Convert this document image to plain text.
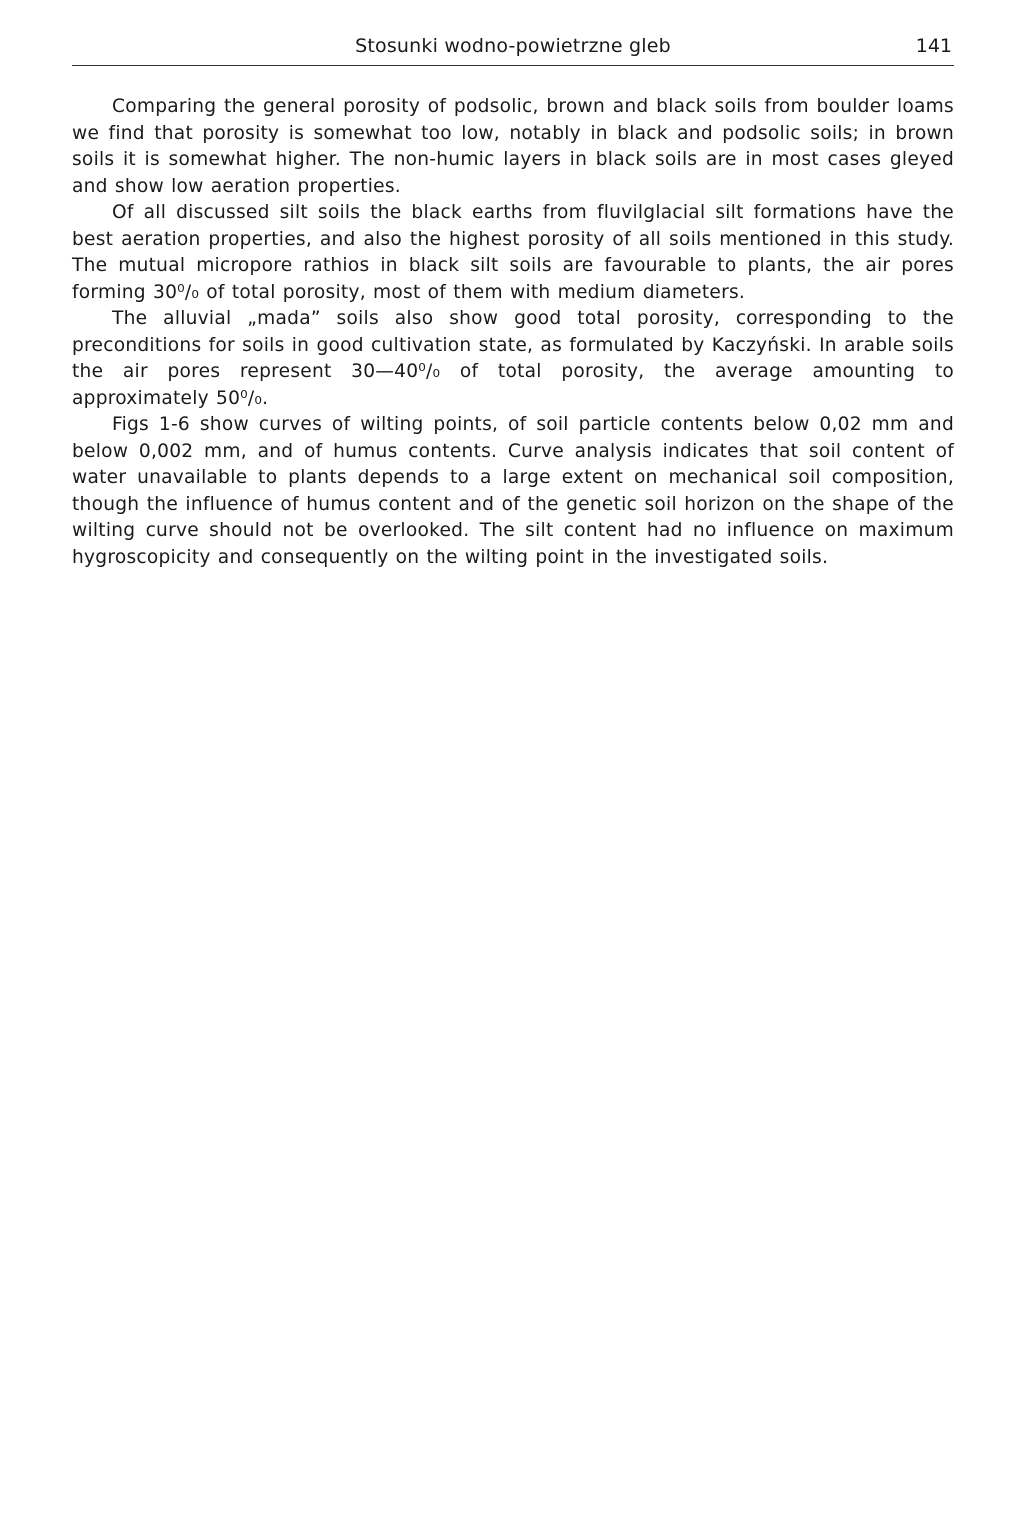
Stosunki wodno-powietrzne gleb	141

Comparing the general porosity of podsolic, brown and black soils from boulder loams we find that porosity is somewhat too low, notably in black and podsolic soils; in brown soils it is somewhat higher. The non-humic layers in black soils are in most cases gleyed and show low aeration properties.

Of all discussed silt soils the black earths from fluvilglacial silt formations have the best aeration properties, and also the highest porosity of all soils mentioned in this study. The mutual micropore rathios in black silt soils are favourable to plants, the air pores forming 30⁰/₀ of total porosity, most of them with medium diameters.

The alluvial „mada” soils also show good total porosity, corresponding to the preconditions for soils in good cultivation state, as formulated by Kaczyński. In arable soils the air pores represent 30—40⁰/₀ of total porosity, the average amounting to approximately 50⁰/₀.

Figs 1-6 show curves of wilting points, of soil particle contents below 0,02 mm and below 0,002 mm, and of humus contents. Curve analysis indicates that soil content of water unavailable to plants depends to a large extent on mechanical soil composition, though the influence of humus content and of the genetic soil horizon on the shape of the wilting curve should not be overlooked. The silt content had no influence on maximum hygroscopicity and consequently on the wilting point in the investigated soils.
